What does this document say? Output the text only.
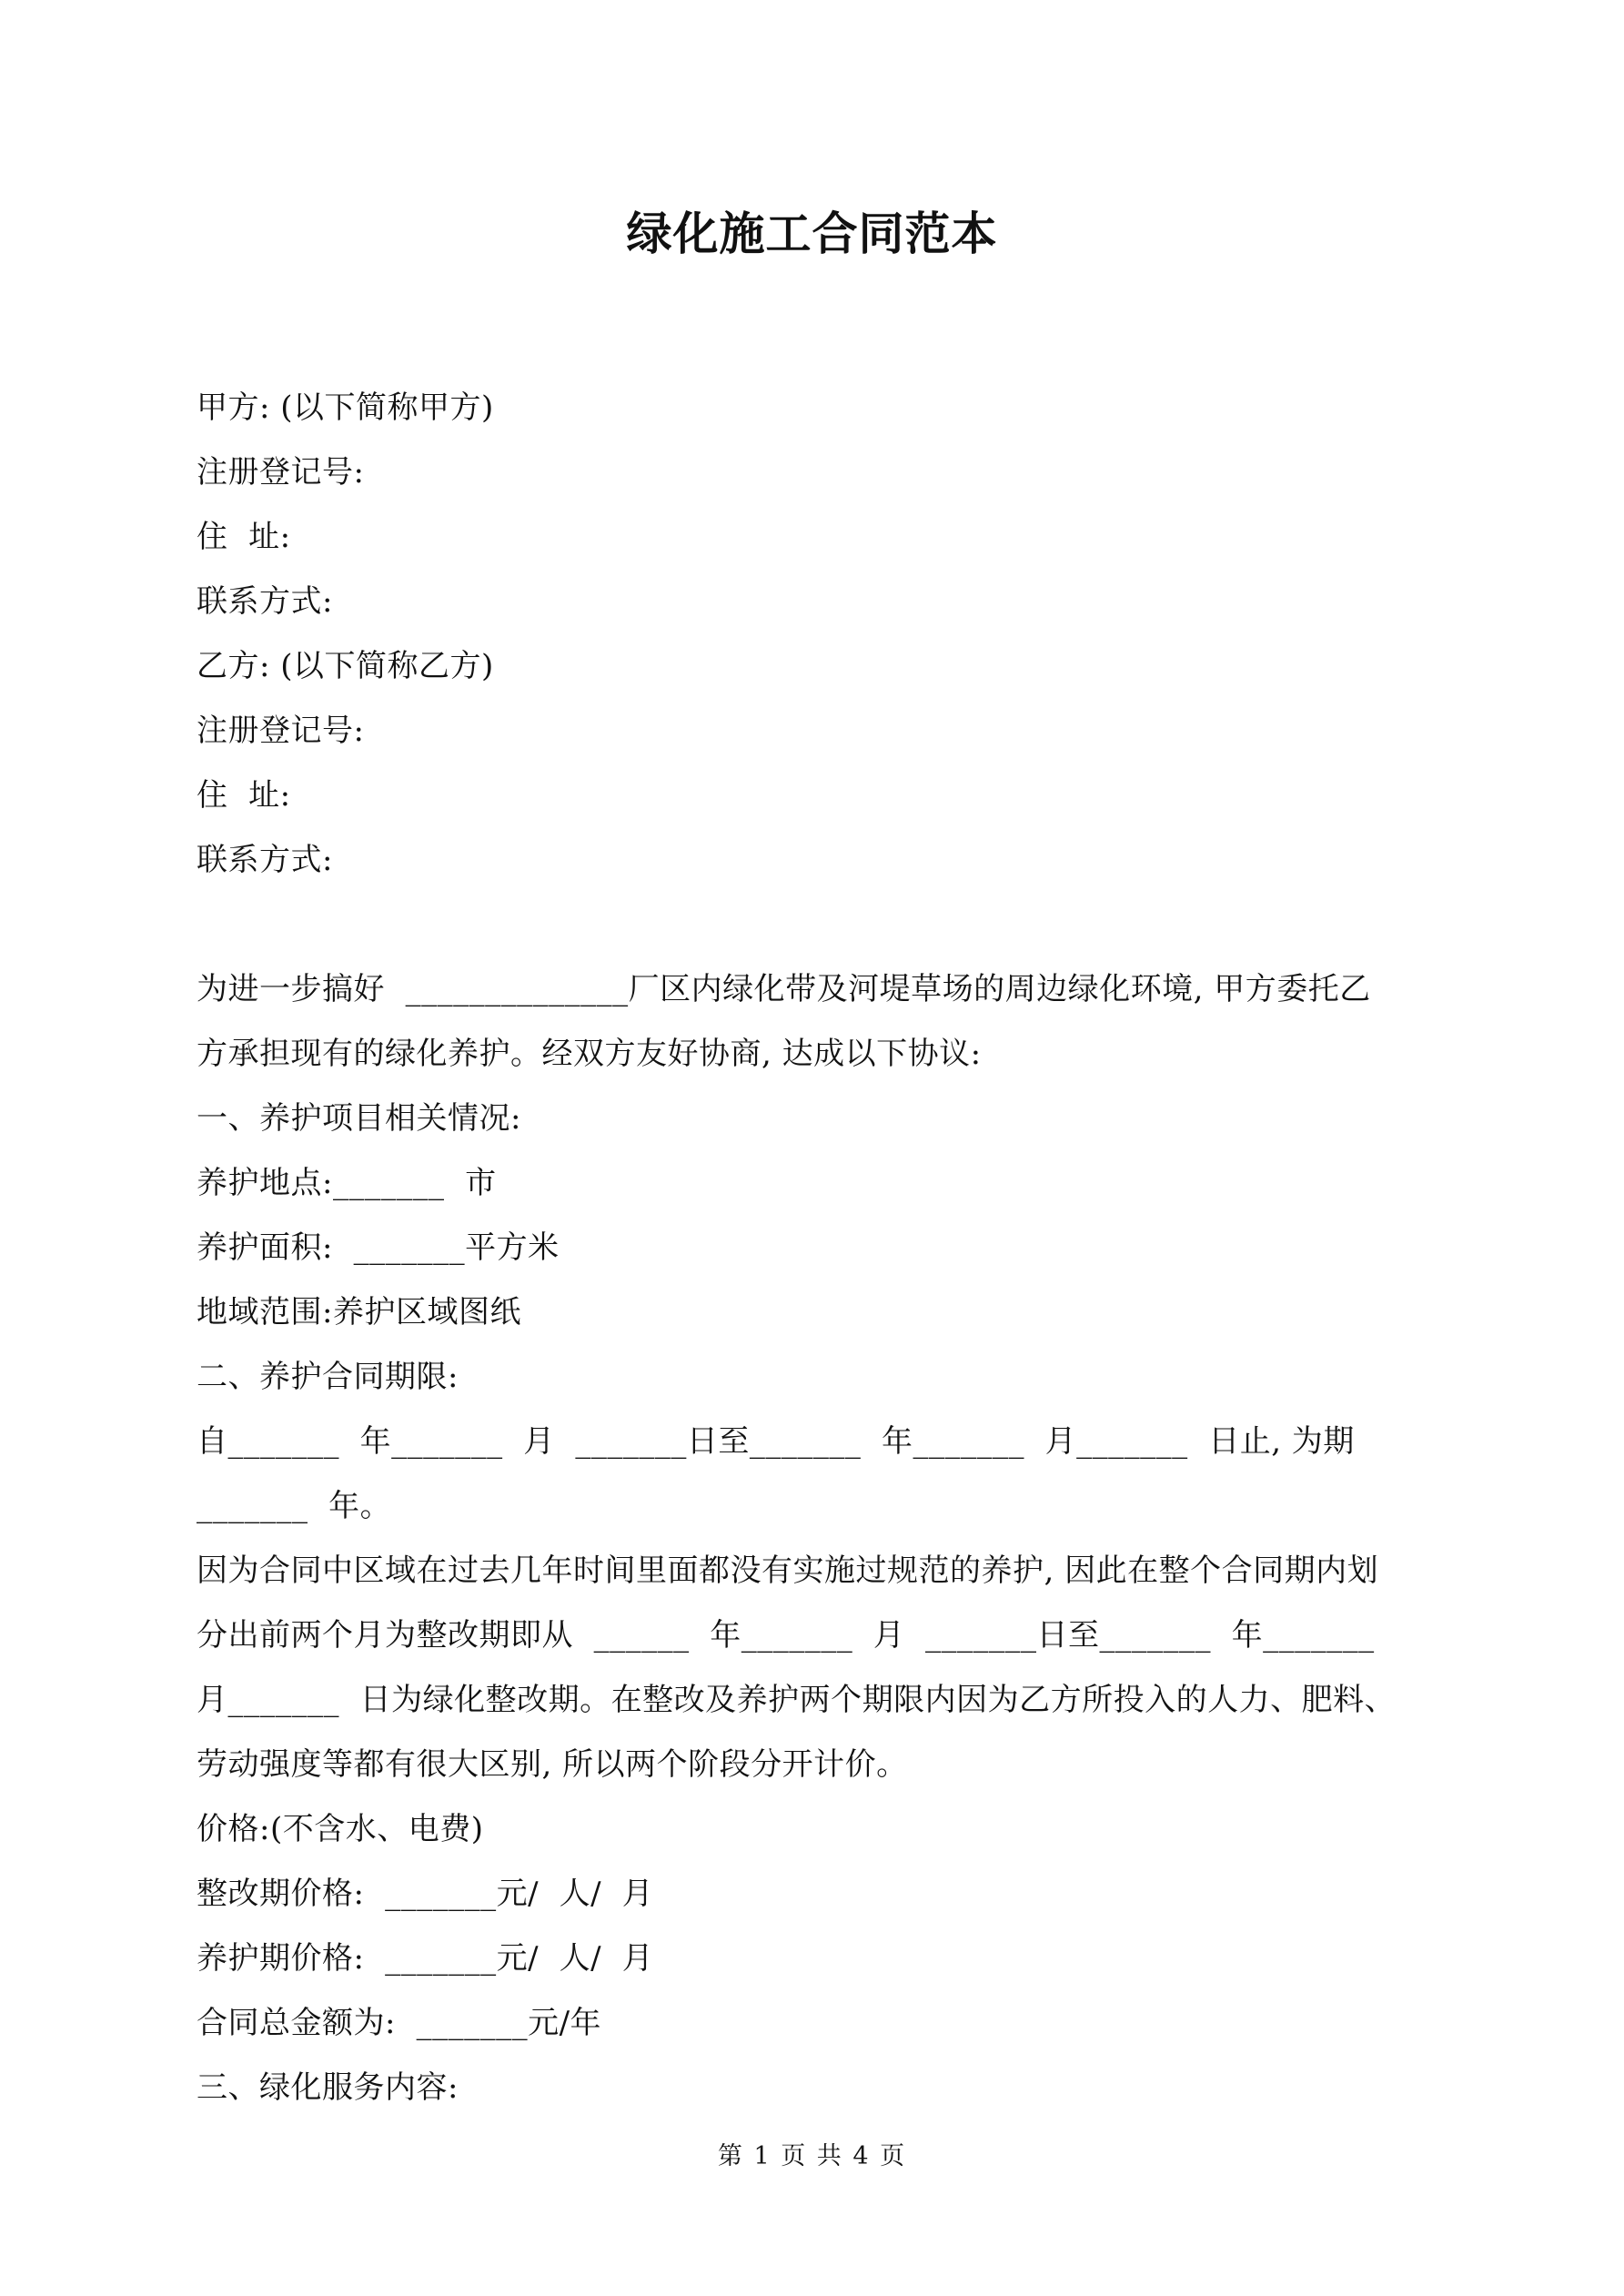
绿化施工合同范本
甲方: (以下简称甲方)
注册登记号:
住  址:
联系方式:
乙方: (以下简称乙方)
注册登记号:
住  址:
联系方式:
为进一步搞好  ______________厂区内绿化带及河堤草场的周边绿化环境, 甲方委托乙
方承担现有的绿化养护。经双方友好协商, 达成以下协议:
一、养护项目相关情况:
养护地点:_______  市
养护面积:  _______平方米
地域范围:养护区域图纸
二、养护合同期限:
自_______  年_______  月  _______日至_______  年_______  月_______  日止, 为期
_______  年。
因为合同中区域在过去几年时间里面都没有实施过规范的养护, 因此在整个合同期内划
分出前两个月为整改期即从  ______  年_______  月  _______日至_______  年_______
月_______  日为绿化整改期。在整改及养护两个期限内因为乙方所投入的人力、肥料、
劳动强度等都有很大区别, 所以两个阶段分开计价。
价格:(不含水、电费)
整改期价格:  _______元/  人/  月
养护期价格:  _______元/  人/  月
合同总金额为:  _______元/年
三、绿化服务内容:
第 1 页 共 4 页
